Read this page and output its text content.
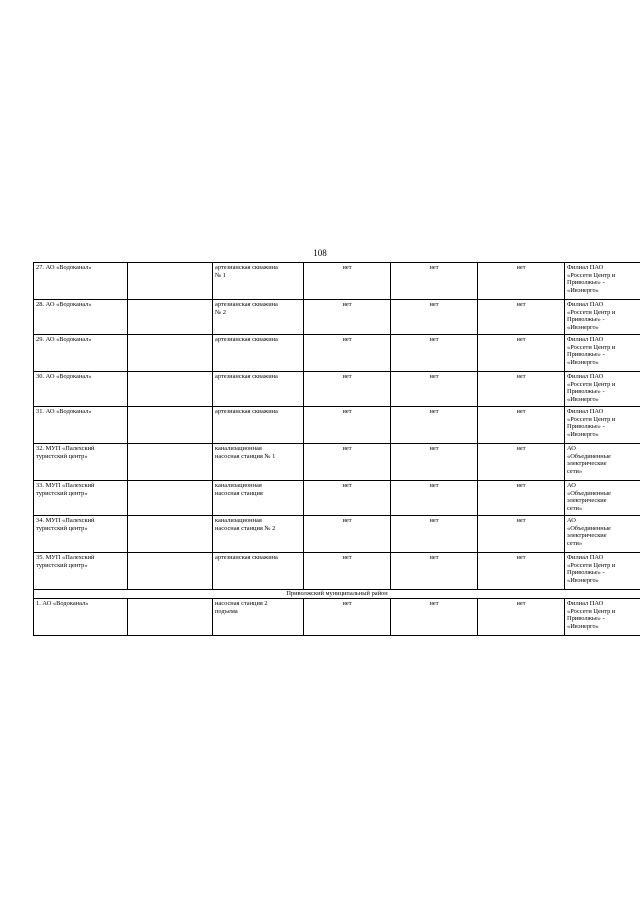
108
27. АО «Водоканал»		артезианская скважина
№ 1	нет	нет	нет	Филиал ПАО
«Россети Центр и
Приволжье» -
«Ивэнерго»

28. АО «Водоканал»		артезианская скважина
№ 2	нет	нет	нет	Филиал ПАО
«Россети Центр и
Приволжье» -
«Ивэнерго»

29. АО «Водоканал»		артезианская скважина	нет	нет	нет	Филиал ПАО
«Россети Центр и
Приволжье» -
«Ивэнерго»

30. АО «Водоканал»		артезианская скважина	нет	нет	нет	Филиал ПАО
«Россети Центр и
Приволжье» -
«Ивэнерго»

31. АО «Водоканал»		артезианская скважина	нет	нет	нет	Филиал ПАО
«Россети Центр и
Приволжье» -
«Ивэнерго»

32. МУП «Палехский
туристский центр»		канализационная
насосная станция № 1	нет	нет	нет	АО
«Объединенные
электрические
сети»

33. МУП «Палехский
туристский центр»		канализационная
насосная станция	нет	нет	нет	АО
«Объединенные
электрические
сети»

34. МУП «Палехский
туристский центр»		канализационная
насосная станция № 2	нет	нет	нет	АО
«Объединенные
электрические
сети»

35. МУП «Палехский
туристский центр»		артезианская скважина	нет	нет	нет	Филиал ПАО
«Россети Центр и
Приволжье» -
«Ивэнерго»

Приволжский муниципальный район						

1. АО «Водоканал»		насосная станция 2
подъема	нет	нет	нет	Филиал ПАО
«Россети Центр и
Приволжье» -
«Ивэнерго»
